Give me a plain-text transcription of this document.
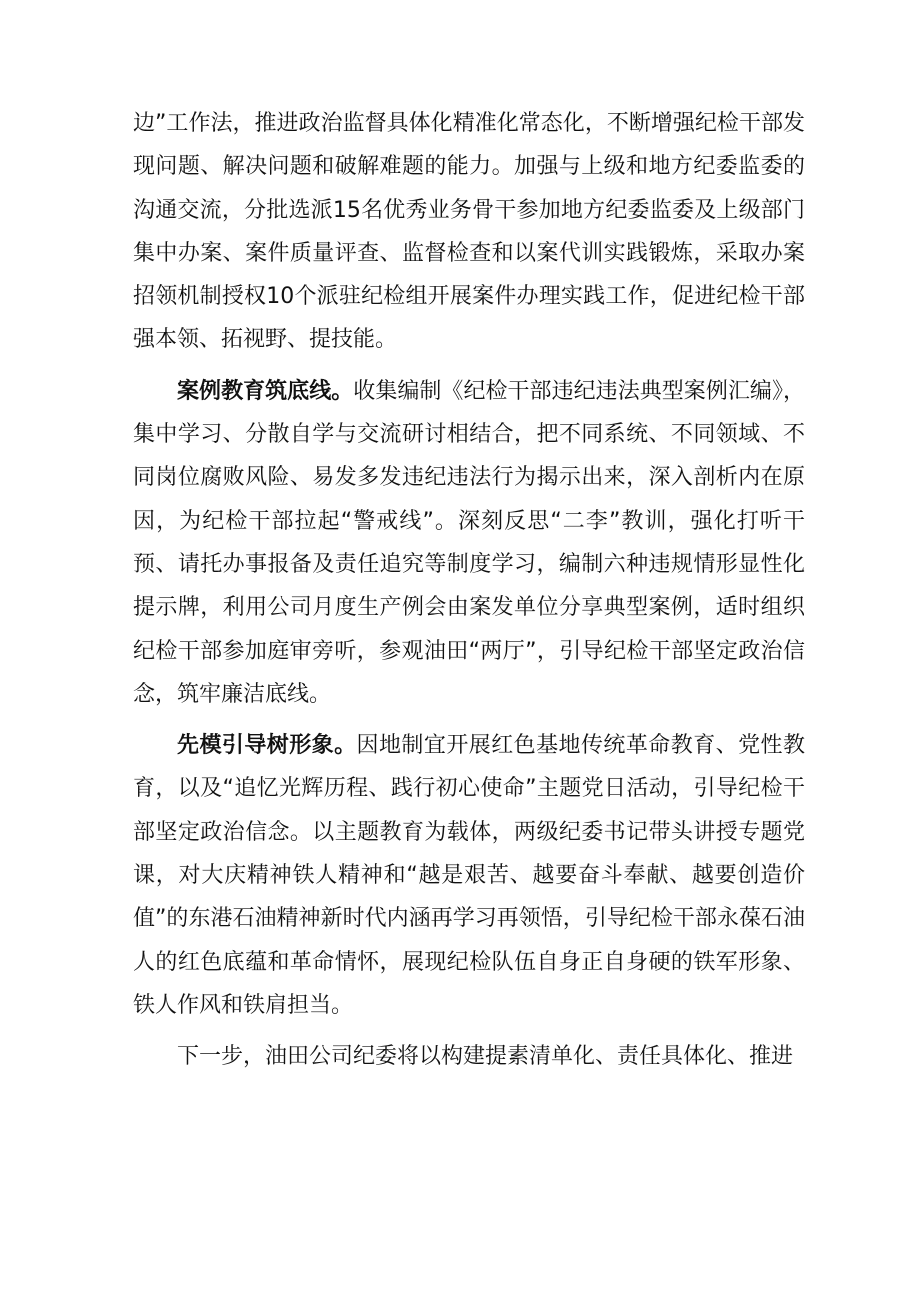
边”工作法，推进政治监督具体化精准化常态化，不断增强纪检干部发现问题、解决问题和破解难题的能力。加强与上级和地方纪委监委的沟通交流，分批选派15名优秀业务骨干参加地方纪委监委及上级部门集中办案、案件质量评查、监督检查和以案代训实践锻炼，采取办案招领机制授权10个派驻纪检组开展案件办理实践工作，促进纪检干部强本领、拓视野、提技能。

案例教育筑底线。收集编制《纪检干部违纪违法典型案例汇编》，集中学习、分散自学与交流研讨相结合，把不同系统、不同领域、不同岗位腐败风险、易发多发违纪违法行为揭示出来，深入剖析内在原因，为纪检干部拉起“警戒线”。深刻反思“二李”教训，强化打听干预、请托办事报备及责任追究等制度学习，编制六种违规情形显性化提示牌，利用公司月度生产例会由案发单位分享典型案例，适时组织纪检干部参加庭审旁听，参观油田“两厅”，引导纪检干部坚定政治信念，筑牢廉洁底线。

先模引导树形象。因地制宜开展红色基地传统革命教育、党性教育，以及“追忆光辉历程、践行初心使命”主题党日活动，引导纪检干部坚定政治信念。以主题教育为载体，两级纪委书记带头讲授专题党课，对大庆精神铁人精神和“越是艰苦、越要奋斗奉献、越要创造价值”的东港石油精神新时代内涵再学习再领悟，引导纪检干部永葆石油人的红色底蕴和革命情怀，展现纪检队伍自身正自身硬的铁军形象、铁人作风和铁肩担当。

下一步，油田公司纪委将以构建提素清单化、责任具体化、推进
